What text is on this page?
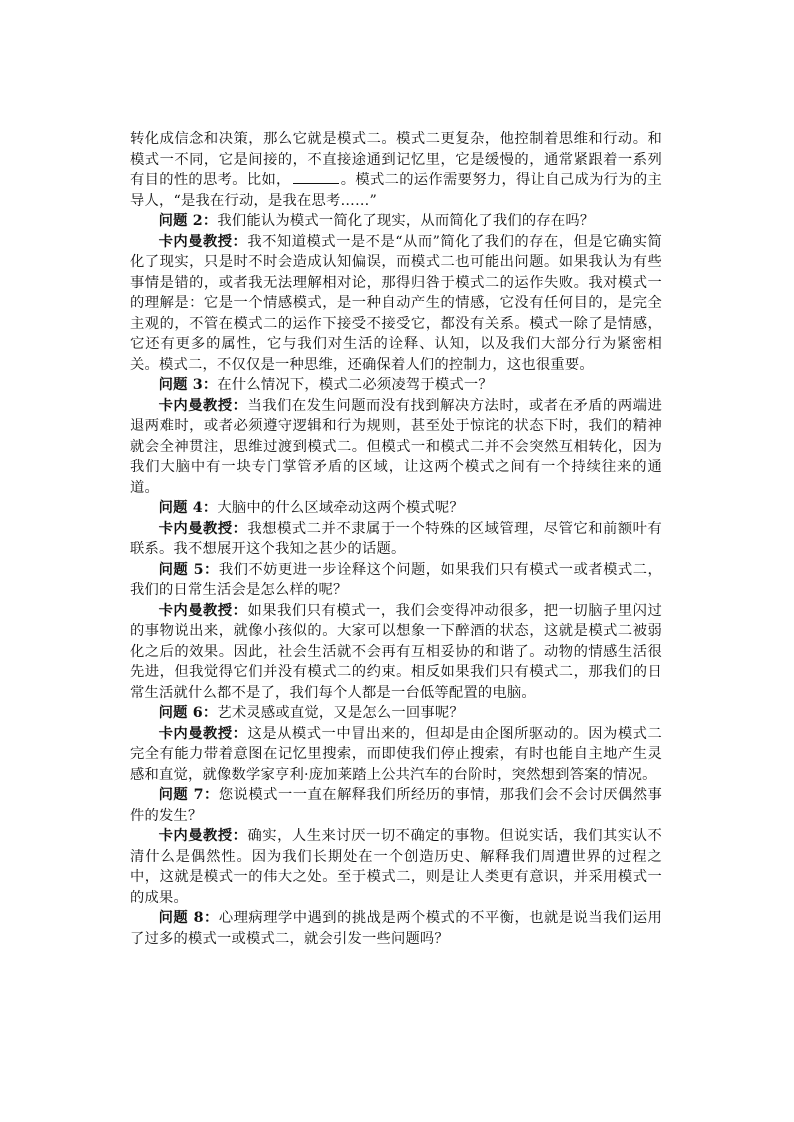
转化成信念和决策，那么它就是模式二。模式二更复杂，他控制着思维和行动。和模式一不同，它是间接的，不直接途通到记忆里，它是缓慢的，通常紧跟着一系列有目的性的思考。比如，	。模式二的运作需要努力，得让自己成为行为的主导人，“是我在行动，是我在思考……”

问题 2：我们能认为模式一简化了现实，从而简化了我们的存在吗？

卡内曼教授：我不知道模式一是不是“从而”简化了我们的存在，但是它确实简化了现实，只是时不时会造成认知偏误，而模式二也可能出问题。如果我认为有些事情是错的，或者我无法理解相对论，那得归咎于模式二的运作失败。我对模式一的理解是：它是一个情感模式，是一种自动产生的情感，它没有任何目的，是完全主观的，不管在模式二的运作下接受不接受它，都没有关系。模式一除了是情感，它还有更多的属性，它与我们对生活的诠释、认知，以及我们大部分行为紧密相关。模式二，不仅仅是一种思维，还确保着人们的控制力，这也很重要。

问题 3：在什么情况下，模式二必须凌驾于模式一？

卡内曼教授：当我们在发生问题而没有找到解决方法时，或者在矛盾的两端进退两难时，或者必须遵守逻辑和行为规则，甚至处于惊诧的状态下时，我们的精神就会全神贯注，思维过渡到模式二。但模式一和模式二并不会突然互相转化，因为我们大脑中有一块专门掌管矛盾的区域，让这两个模式之间有一个持续往来的通道。

问题 4：大脑中的什么区域牵动这两个模式呢？

卡内曼教授：我想模式二并不隶属于一个特殊的区域管理，尽管它和前额叶有联系。我不想展开这个我知之甚少的话题。

问题 5：我们不妨更进一步诠释这个问题，如果我们只有模式一或者模式二，我们的日常生活会是怎么样的呢？

卡内曼教授：如果我们只有模式一，我们会变得冲动很多，把一切脑子里闪过的事物说出来，就像小孩似的。大家可以想象一下醉酒的状态，这就是模式二被弱化之后的效果。因此，社会生活就不会再有互相妥协的和谐了。动物的情感生活很先进，但我觉得它们并没有模式二的约束。相反如果我们只有模式二，那我们的日常生活就什么都不是了，我们每个人都是一台低等配置的电脑。

问题 6：艺术灵感或直觉，又是怎么一回事呢？

卡内曼教授：这是从模式一中冒出来的，但却是由企图所驱动的。因为模式二完全有能力带着意图在记忆里搜索，而即使我们停止搜索，有时也能自主地产生灵感和直觉，就像数学家亨利·庞加莱踏上公共汽车的台阶时，突然想到答案的情况。

问题 7：您说模式一一直在解释我们所经历的事情，那我们会不会讨厌偶然事件的发生？

卡内曼教授：确实，人生来讨厌一切不确定的事物。但说实话，我们其实认不清什么是偶然性。因为我们长期处在一个创造历史、解释我们周遭世界的过程之中，这就是模式一的伟大之处。至于模式二，则是让人类更有意识，并采用模式一的成果。

问题 8：心理病理学中遇到的挑战是两个模式的不平衡，也就是说当我们运用了过多的模式一或模式二，就会引发一些问题吗？
